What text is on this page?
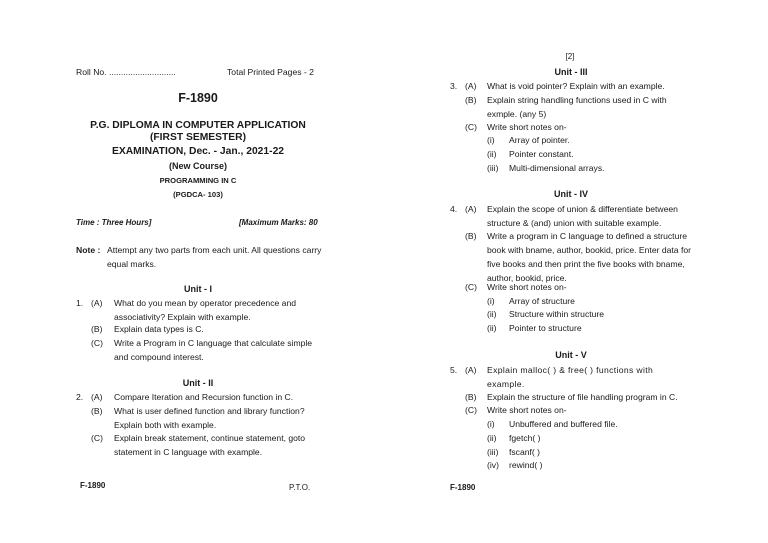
Roll No. ............................	Total Printed Pages - 2
F-1890
P.G. DIPLOMA IN COMPUTER APPLICATION
(FIRST SEMESTER)
EXAMINATION, Dec. - Jan., 2021-22
(New Course)
PROGRAMMING IN C
(PGDCA- 103)
Time : Three Hours]	[Maximum Marks: 80
Note : Attempt any two parts from each unit. All questions carry equal marks.
Unit - I
1. (A) What do you mean by operator precedence and associativity? Explain with example.
(B) Explain data types is C.
(C) Write a Program in C language that calculate simple and compound interest.
Unit - II
2. (A) Compare Iteration and Recursion function in C.
(B) What is user defined function and library function? Explain both with example.
(C) Explain break statement, continue statement, goto statement in C language with example.
F-1890	P.T.O.
[2]
Unit - III
3. (A) What is void pointer? Explain with an example.
(B) Explain string handling functions used in C with exmple. (any 5)
(C) Write short notes on-
(i) Array of pointer.
(ii) Pointer constant.
(iii) Multi-dimensional arrays.
Unit - IV
4. (A) Explain the scope of union & differentiate between structure & (and) union with suitable example.
(B) Write a program in C language to defined a structure book with bname, author, bookid, price. Enter data for five books and then print the five books with bname, author, bookid, price.
(C) Write short notes on-
(i) Array of structure
(ii) Structure within structure
(ii) Pointer to structure
Unit - V
5. (A) Explain malloc( ) & free( ) functions with example.
(B) Explain the structure of file handling program in C.
(C) Write short notes on-
(i) Unbuffered and buffered file.
(ii) fgetch( )
(iii) fscanf( )
(iv) rewind( )
F-1890
